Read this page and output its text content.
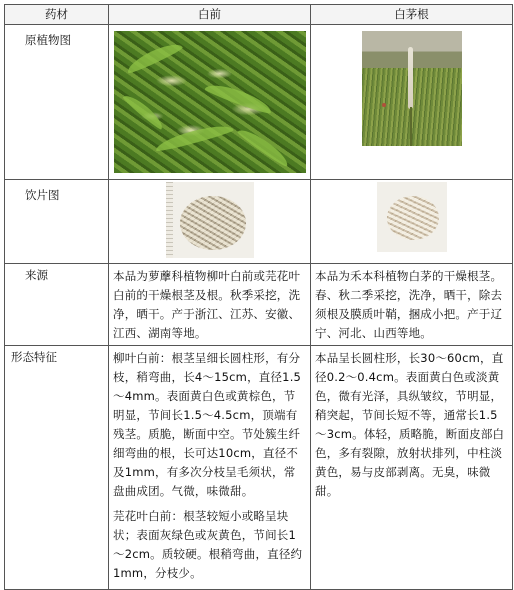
药材	白前	白茅根
原植物图	

饮片图	

来源	本品为萝藦科植物柳叶白前或芫花叶白前的干燥根茎及根。秋季采挖，洗净，晒干。产于浙江、江苏、安徽、江西、湖南等地。	本品为禾本科植物白茅的干燥根茎。春、秋二季采挖，洗净，晒干，除去须根及膜质叶鞘，捆成小把。产于辽宁、河北、山西等地。
形态特征	柳叶白前：根茎呈细长圆柱形，有分枝，稍弯曲，长4～15cm，直径1.5～4mm。表面黄白色或黄棕色，节明显，节间长1.5～4.5cm，顶端有残茎。质脆，断面中空。节处簇生纤细弯曲的根，长可达10cm，直径不及1mm，有多次分枝呈毛须状，常盘曲成团。气微，味微甜。

芫花叶白前：根茎较短小或略呈块状；表面灰绿色或灰黄色，节间长1～2cm。质较硬。根稍弯曲，直径约1mm，分枝少。	本品呈长圆柱形，长30～60cm，直径0.2～0.4cm。表面黄白色或淡黄色，微有光泽，具纵皱纹，节明显，稍突起，节间长短不等，通常长1.5～3cm。体轻，质略脆，断面皮部白色，多有裂隙，放射状排列，中柱淡黄色，易与皮部剥离。无臭，味微甜。
